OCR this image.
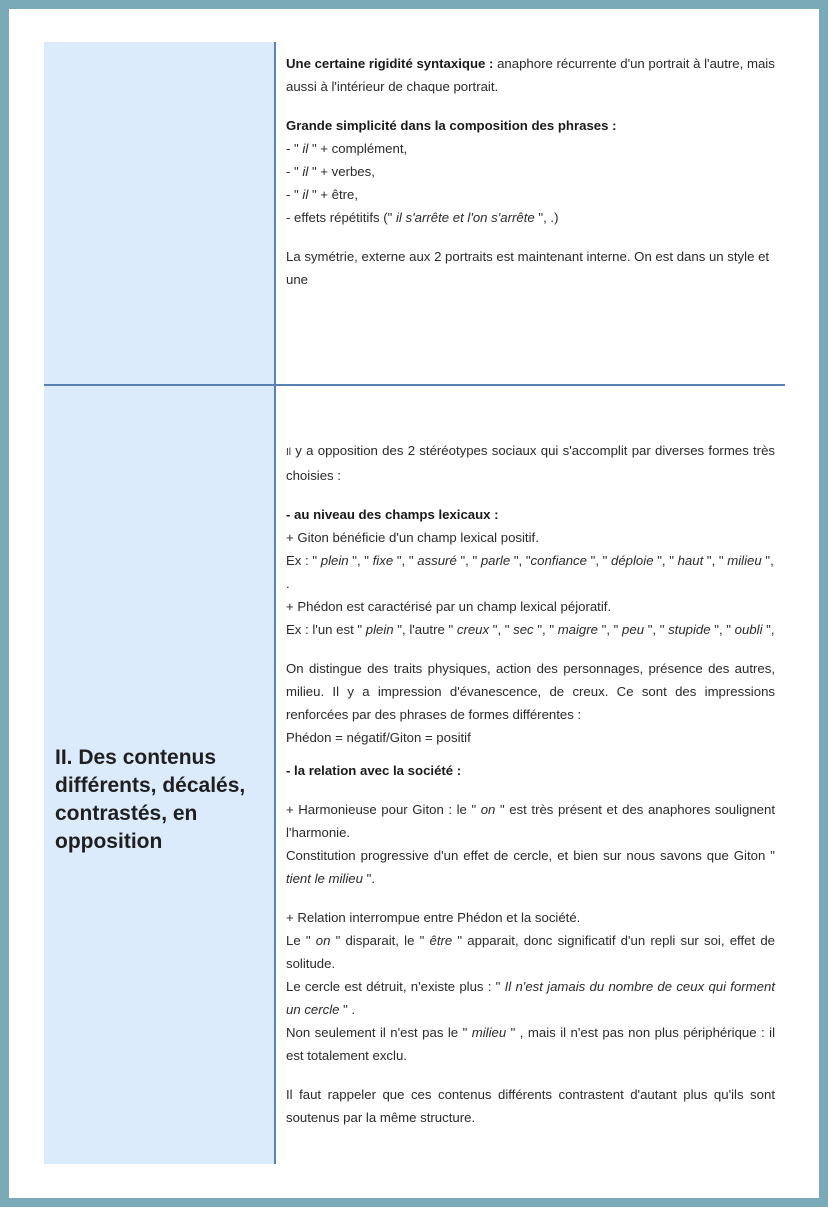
II. Des contenus différents, décalés, contrastés, en opposition

Une certaine rigidité syntaxique : anaphore récurrente d'un portrait à l'autre, mais aussi à l'intérieur de chaque portrait.

Grande simplicité dans la composition des phrases :

- " il " + complément,

- " il " + verbes,

- " il " + être,

- effets répétitifs (" il s'arrête et l'on s'arrête ", .)

La symétrie, externe aux 2 portraits est maintenant interne. On est dans un style et une

Il y a opposition des 2 stéréotypes sociaux qui s'accomplit par diverses formes très choisies :

- au niveau des champs lexicaux :

+ Giton bénéficie d'un champ lexical positif.

Ex : " plein ", " fixe ", " assuré ", " parle ", "confiance ", " déploie ", " haut ", " milieu ", .

+ Phédon est caractérisé par un champ lexical péjoratif.

Ex : l'un est " plein ", l'autre " creux ", " sec ", " maigre ", " peu ", " stupide ", " oubli ",

On distingue des traits physiques, action des personnages, présence des autres, milieu. Il y a impression d'évanescence, de creux. Ce sont des impressions renforcées par des phrases de formes différentes :

Phédon = négatif/Giton = positif

- la relation avec la société :

+ Harmonieuse pour Giton : le " on " est très présent et des anaphores soulignent l'harmonie.

Constitution progressive d'un effet de cercle, et bien sur nous savons que Giton " tient le milieu ".

+ Relation interrompue entre Phédon et la société.

Le " on " disparait, le " être " apparait, donc significatif d'un repli sur soi, effet de solitude.

Le cercle est détruit, n'existe plus : " Il n'est jamais du nombre de ceux qui forment un cercle " .

Non seulement il n'est pas le " milieu " , mais il n'est pas non plus périphérique : il est totalement exclu.

Il faut rappeler que ces contenus différents contrastent d'autant plus qu'ils sont soutenus par la même structure.
